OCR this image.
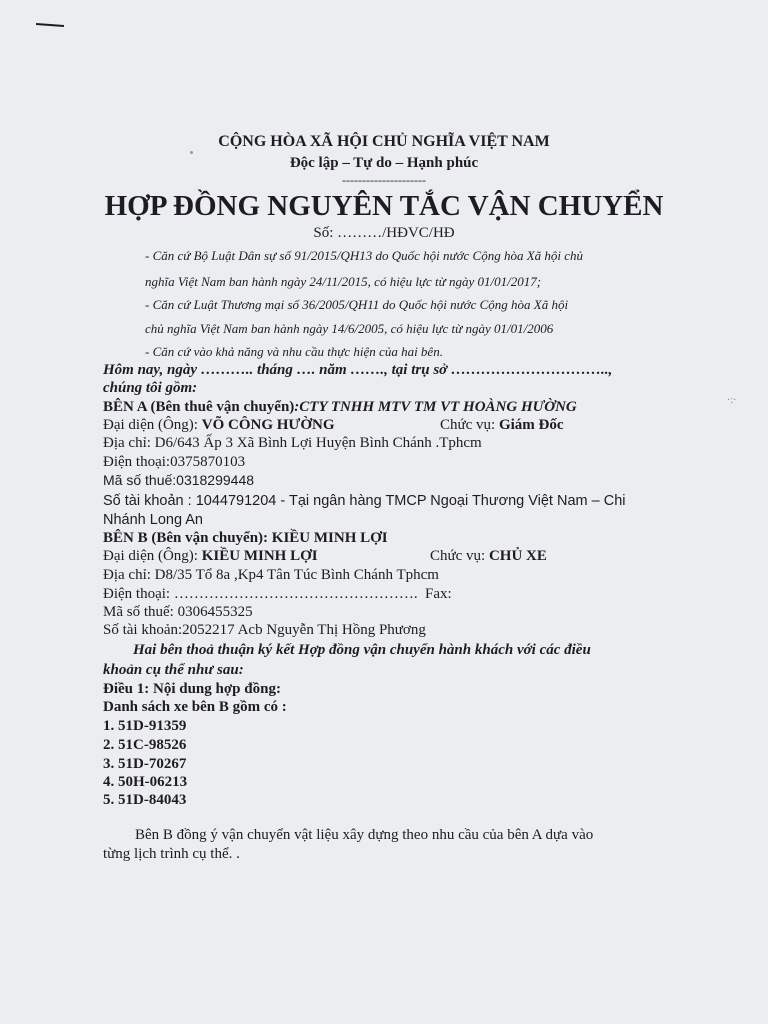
·:·
CỘNG HÒA XÃ HỘI CHỦ NGHĨA VIỆT NAM
Độc lập – Tự do – Hạnh phúc
---------------------
HỢP ĐỒNG NGUYÊN TẮC VẬN CHUYỂN
Số: ………/HĐVC/HĐ
- Căn cứ Bộ Luật Dân sự số 91/2015/QH13 do Quốc hội nước Cộng hòa Xã hội chủ
nghĩa Việt Nam ban hành ngày 24/11/2015, có hiệu lực từ ngày 01/01/2017;
- Căn cứ Luật Thương mại số 36/2005/QH11 do Quốc hội nước Cộng hòa Xã hội
chủ nghĩa Việt Nam ban hành ngày 14/6/2005, có hiệu lực từ ngày 01/01/2006
- Căn cứ vào khả năng và nhu cầu thực hiện của hai bên.
Hôm nay, ngày ……….. tháng …. năm ……., tại trụ sở …………………………..,
chúng tôi gồm:
BÊN A (Bên thuê vận chuyển):CTY TNHH MTV TM VT HOÀNG HƯỜNG
Đại diện (Ông): VÕ CÔNG HƯỜNG	Chức vụ: Giám Đốc
Địa chỉ: D6/643 Ấp 3 Xã Bình Lợi Huyện Bình Chánh .Tphcm
Điện thoại:0375870103
Mã số thuế:0318299448
Số tài khoản : 1044791204 - Tại ngân hàng TMCP Ngoại Thương Việt Nam – Chi
Nhánh Long An
BÊN B (Bên vận chuyển): KIỀU MINH LỢI
Đại diện (Ông): KIỀU MINH LỢI	Chức vụ: CHỦ XE
Địa chỉ: D8/35 Tổ 8a ,Kp4 Tân Túc Bình Chánh Tphcm
Điện thoại: …………………………………………. Fax:
Mã số thuế: 0306455325
Số tài khoản:2052217 Acb Nguyễn Thị Hồng Phương
Hai bên thoả thuận ký kết Hợp đồng vận chuyển hành khách với các điều
khoản cụ thể như sau:
Điều 1: Nội dung hợp đồng:
Danh sách xe bên B gồm có :
1. 51D-91359
2. 51C-98526
3. 51D-70267
4. 50H-06213
5. 51D-84043
Bên B đồng ý vận chuyển vật liệu xây dựng theo nhu cầu của bên A dựa vào
từng lịch trình cụ thể. .
